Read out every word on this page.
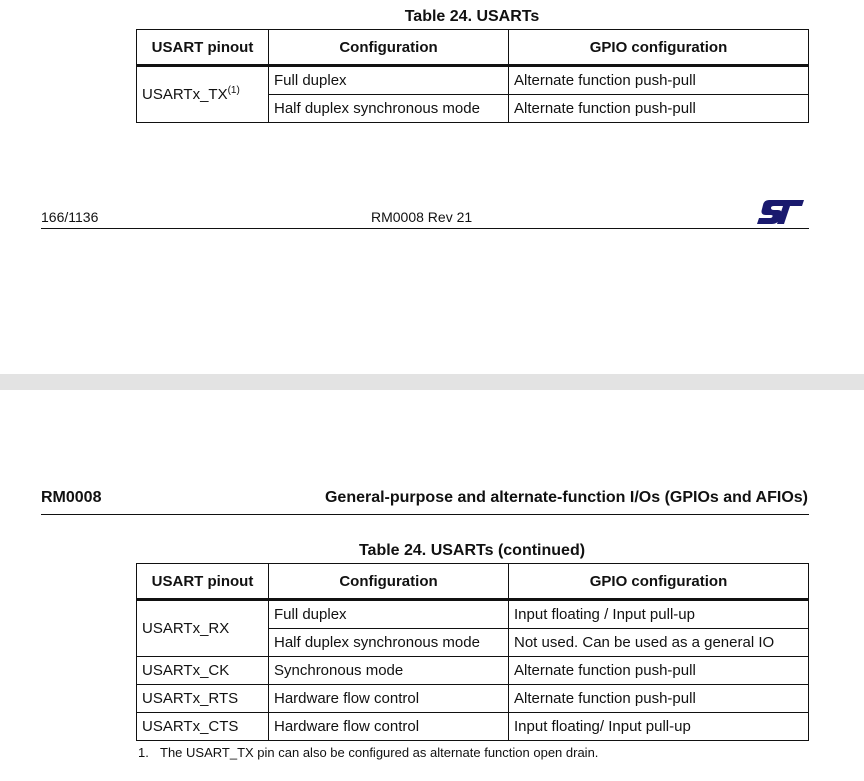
Table 24. USARTs
USART pinout	Configuration	GPIO configuration
USARTx_TX$^{(1)}$	Full duplex	Alternate function push-pull
	Half duplex synchronous mode	Alternate function push-pull
166/1136	RM0008 Rev 21
RM0008	General-purpose and alternate-function I/Os (GPIOs and AFIOs)
Table 24. USARTs (continued)
USART pinout	Configuration	GPIO configuration
USARTx_RX	Full duplex	Input floating / Input pull-up
	Half duplex synchronous mode	Not used. Can be used as a general IO
USARTx_CK	Synchronous mode	Alternate function push-pull
USARTx_RTS	Hardware flow control	Alternate function push-pull
USARTx_CTS	Hardware flow control	Input floating/ Input pull-up
1. The USART_TX pin can also be configured as alternate function open drain.
